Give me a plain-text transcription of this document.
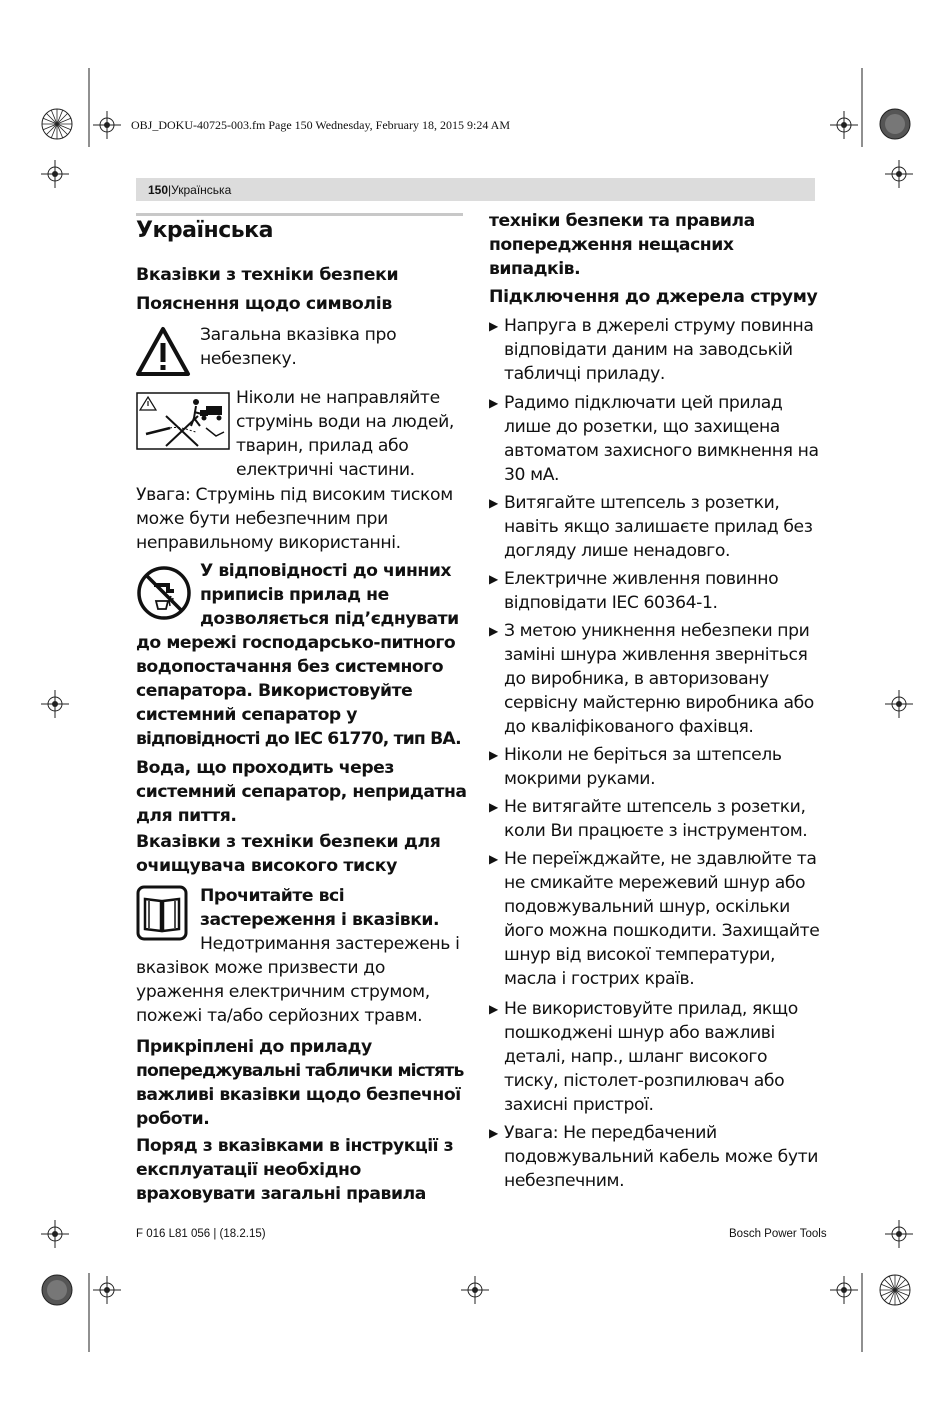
OBJ_DOKU-40725-003.fm Page 150 Wednesday, February 18, 2015 9:24 AM
150|Українська
Українська
Вказівки з техніки безпеки
Пояснення щодо символів
Загальна вказівка про
небезпеку.
Ніколи не направляйте
струмінь води на людей,
тварин, прилад або
електричні частини.
Увага: Струмінь під високим тиском
може бути небезпечним при
неправильному використанні.
У відповідності до чинних
приписів прилад не
дозволяється під’єднувати
до мережі господарсько-питного
водопостачання без системного
сепаратора. Використовуйте
системний сепаратор у
відповідності до IEC 61770, тип BA.
Вода, що проходить через
системний сепаратор, непридатна
для пиття.
Вказівки з техніки безпеки для
очищувача високого тиску
Прочитайте всі
застереження і вказівки.
Недотримання застережень і
вказівок може призвести до
ураження електричним струмом,
пожежі та/або серйозних травм.
Прикріплені до приладу
попереджувальні таблички містять
важливі вказівки щодо безпечної
роботи.
Поряд з вказівками в інструкції з
експлуатації необхідно
враховувати загальні правила
техніки безпеки та правила
попередження нещасних
випадків.
Підключення до джерела струму
▶ Напруга в джерелі струму повинна
відповідати даним на заводській
табличці приладу.
▶ Радимо підключати цей прилад
лише до розетки, що захищена
автоматом захисного вимкнення на
30 мА.
▶ Витягайте штепсель з розетки,
навіть якщо залишаєте прилад без
догляду лише ненадовго.
▶ Електричне живлення повинно
відповідати IEC 60364-1.
▶ З метою уникнення небезпеки при
заміні шнура живлення зверніться
до виробника, в авторизовану
сервісну майстерню виробника або
до кваліфікованого фахівця.
▶ Ніколи не беріться за штепсель
мокрими руками.
▶ Не витягайте штепсель з розетки,
коли Ви працюєте з інструментом.
▶ Не переїжджайте, не здавлюйте та
не смикайте мережевий шнур або
подовжувальний шнур, оскільки
його можна пошкодити. Захищайте
шнур від високої температури,
масла і гострих країв.
▶ Не використовуйте прилад, якщо
пошкоджені шнур або важливі
деталі, напр., шланг високого
тиску, пістолет-розпилювач або
захисні пристрої.
▶ Увага: Не передбачений
подовжувальний кабель може бути
небезпечним.
F 016 L81 056 | (18.2.15)	Bosch Power Tools
